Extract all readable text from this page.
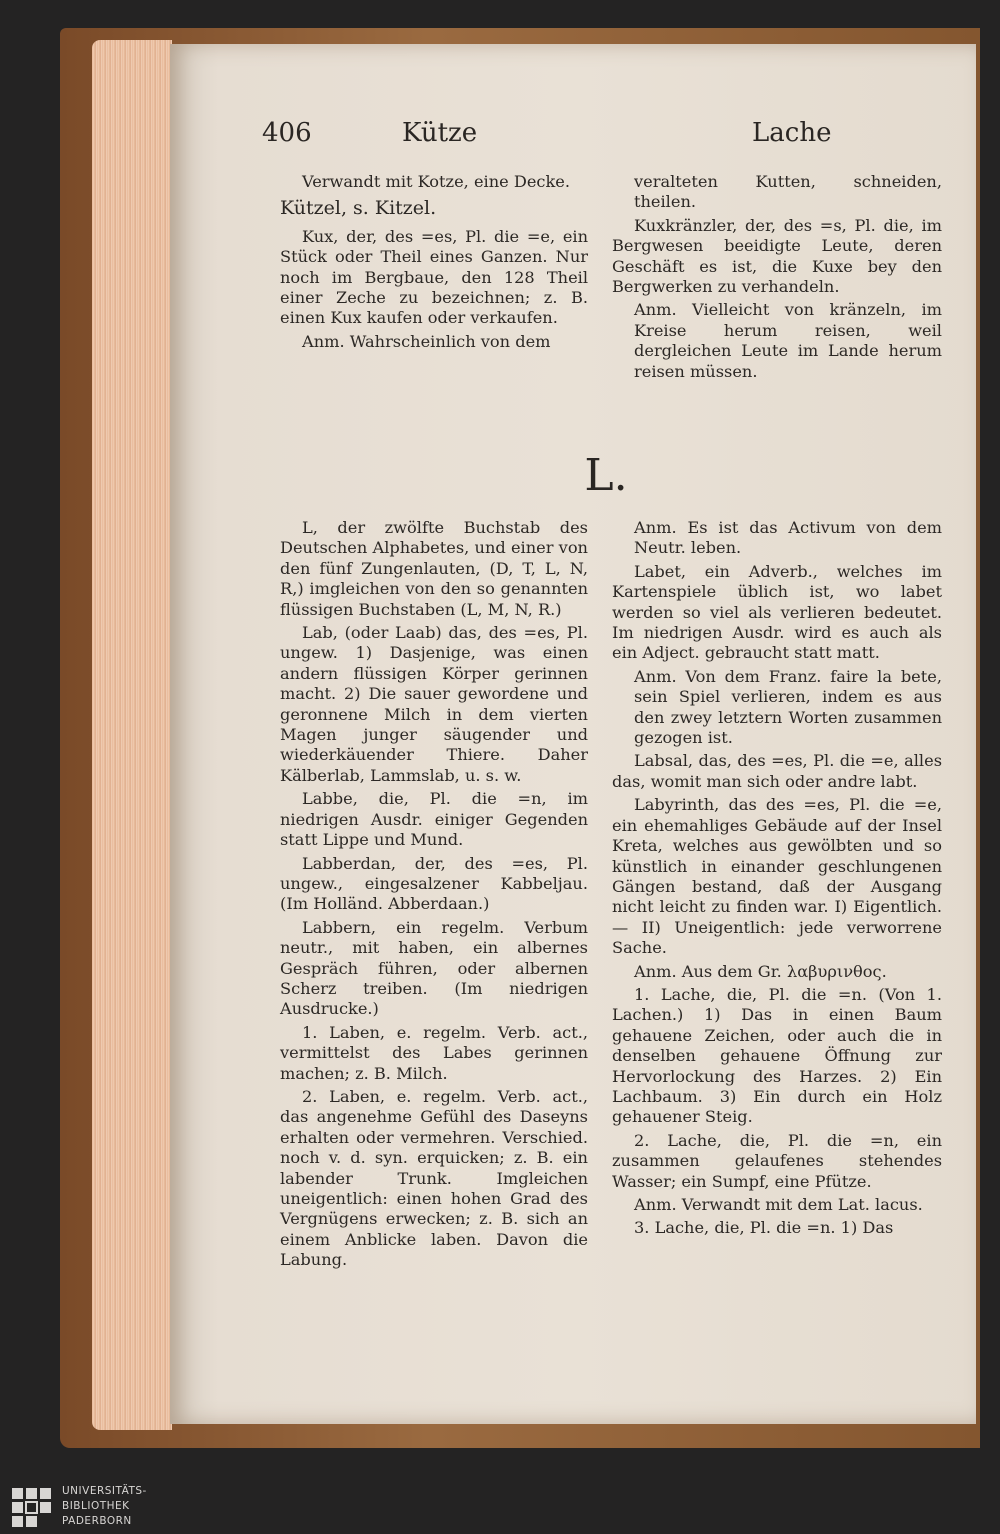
406	Kütze	Lache

Verwandt mit Kotze, eine Decke.

Kützel, s. Kitzel.

Kux, der, des =es, Pl. die =e, ein Stück oder Theil eines Ganzen. Nur noch im Bergbaue, den 128 Theil einer Zeche zu bezeichnen; z. B. einen Kux kaufen oder verkaufen.

Anm. Wahrscheinlich von dem

veralteten Kutten, schneiden, theilen.

Kuxkränzler, der, des =s, Pl. die, im Bergwesen beeidigte Leute, deren Geschäft es ist, die Kuxe bey den Bergwerken zu verhandeln.

Anm. Vielleicht von kränzeln, im Kreise herum reisen, weil dergleichen Leute im Lande herum reisen müssen.

L.

L, der zwölfte Buchstab des Deutschen Alphabetes, und einer von den fünf Zungenlauten, (D, T, L, N, R,) imgleichen von den so genannten flüssigen Buchstaben (L, M, N, R.)

Lab, (oder Laab) das, des =es, Pl. ungew. 1) Dasjenige, was einen andern flüssigen Körper gerinnen macht. 2) Die sauer gewordene und geronnene Milch in dem vierten Magen junger säugender und wiederkäuender Thiere. Daher Kälberlab, Lammslab, u. s. w.

Labbe, die, Pl. die =n, im niedrigen Ausdr. einiger Gegenden statt Lippe und Mund.

Labberdan, der, des =es, Pl. ungew., eingesalzener Kabbeljau. (Im Holländ. Abberdaan.)

Labbern, ein regelm. Verbum neutr., mit haben, ein albernes Gespräch führen, oder albernen Scherz treiben. (Im niedrigen Ausdrucke.)

1. Laben, e. regelm. Verb. act., vermittelst des Labes gerinnen machen; z. B. Milch.

2. Laben, e. regelm. Verb. act., das angenehme Gefühl des Daseyns erhalten oder vermehren. Verschied. noch v. d. syn. erquicken; z. B. ein labender Trunk. Imgleichen uneigentlich: einen hohen Grad des Vergnügens erwecken; z. B. sich an einem Anblicke laben. Davon die Labung.

Anm. Es ist das Activum von dem Neutr. leben.

Labet, ein Adverb., welches im Kartenspiele üblich ist, wo labet werden so viel als verlieren bedeutet. Im niedrigen Ausdr. wird es auch als ein Adject. gebraucht statt matt.

Anm. Von dem Franz. faire la bete, sein Spiel verlieren, indem es aus den zwey letztern Worten zusammen gezogen ist.

Labsal, das, des =es, Pl. die =e, alles das, womit man sich oder andre labt.

Labyrinth, das des =es, Pl. die =e, ein ehemahliges Gebäude auf der Insel Kreta, welches aus gewölbten und so künstlich in einander geschlungenen Gängen bestand, daß der Ausgang nicht leicht zu finden war. I) Eigentlich. — II) Uneigentlich: jede verworrene Sache.

Anm. Aus dem Gr. λαβυρινθος.

1. Lache, die, Pl. die =n. (Von 1. Lachen.) 1) Das in einen Baum gehauene Zeichen, oder auch die in denselben gehauene Öffnung zur Hervorlockung des Harzes. 2) Ein Lachbaum. 3) Ein durch ein Holz gehauener Steig.

2. Lache, die, Pl. die =n, ein zusammen gelaufenes stehendes Wasser; ein Sumpf, eine Pfütze.

Anm. Verwandt mit dem Lat. lacus.

3. Lache, die, Pl. die =n. 1) Das

UNIVERSITÄTS-
BIBLIOTHEK
PADERBORN
